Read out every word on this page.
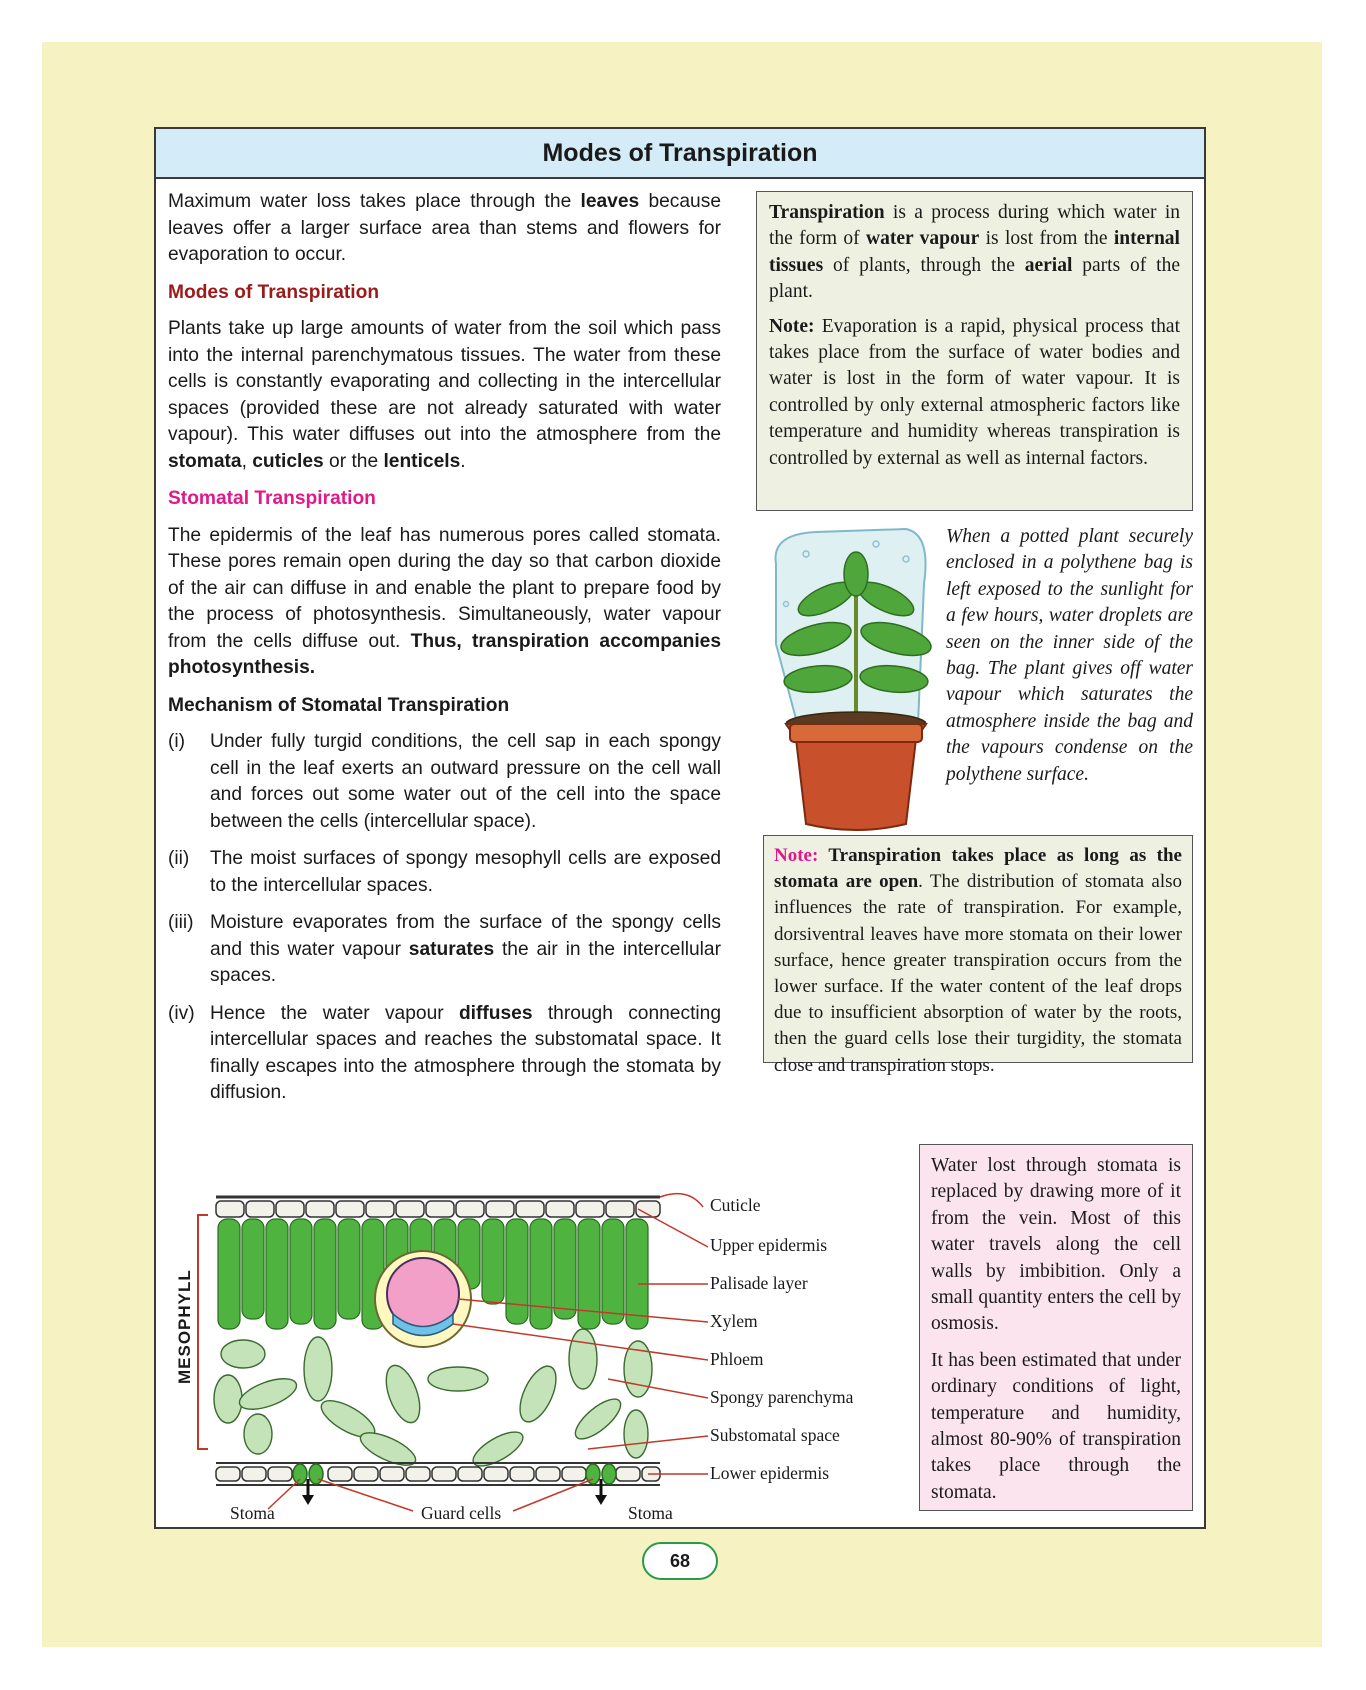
Modes of Transpiration

Maximum water loss takes place through the leaves because leaves offer a larger surface area than stems and flowers for evaporation to occur.

Modes of Transpiration

Plants take up large amounts of water from the soil which pass into the internal parenchymatous tissues. The water from these cells is constantly evaporating and collecting in the intercellular spaces (provided these are not already saturated with water vapour). This water diffuses out into the atmosphere from the stomata, cuticles or the lenticels.

Stomatal Transpiration

The epidermis of the leaf has numerous pores called stomata. These pores remain open during the day so that carbon dioxide of the air can diffuse in and enable the plant to prepare food by the process of photosynthesis. Simultaneously, water vapour from the cells diffuse out. Thus, transpiration accompanies photosynthesis.

Mechanism of Stomatal Transpiration
(i) Under fully turgid conditions, the cell sap in each spongy cell in the leaf exerts an outward pressure on the cell wall and forces out some water out of the cell into the space between the cells (intercellular space).
(ii) The moist surfaces of spongy mesophyll cells are exposed to the intercellular spaces.
(iii) Moisture evaporates from the surface of the spongy cells and this water vapour saturates the air in the intercellular spaces.
(iv) Hence the water vapour diffuses through connecting intercellular spaces and reaches the substomatal space. It finally escapes into the atmosphere through the stomata by diffusion.

Transpiration is a process during which water in the form of water vapour is lost from the internal tissues of plants, through the aerial parts of the plant.

Note: Evaporation is a rapid, physical process that takes place from the surface of water bodies and water is lost in the form of water vapour. It is controlled by only external atmospheric factors like temperature and humidity whereas transpiration is controlled by external as well as internal factors.

When a potted plant securely enclosed in a polythene bag is left exposed to the sunlight for a few hours, water droplets are seen on the inner side of the bag. The plant gives off water vapour which saturates the atmosphere inside the bag and the vapours condense on the polythene surface.
Note: Transpiration takes place as long as the stomata are open. The distribution of stomata also influences the rate of transpiration. For example, dorsiventral leaves have more stomata on their lower surface, hence greater transpiration occurs from the lower surface. If the water content of the leaf drops due to insufficient absorption of water by the roots, then the guard cells lose their turgidity, the stomata close and transpiration stops.

Water lost through stomata is replaced by drawing more of it from the vein. Most of this water travels along the cell walls by imbibition. Only a small quantity enters the cell by osmosis.

It has been estimated that under ordinary conditions of light, temperature and humidity, almost 80-90% of transpiration takes place through the stomata.

MESOPHYLL
Cuticle
Upper epidermis
Palisade layer
Xylem
Phloem
Spongy parenchyma
Substomatal space
Lower epidermis
Stoma	Guard cells	Stoma
68
